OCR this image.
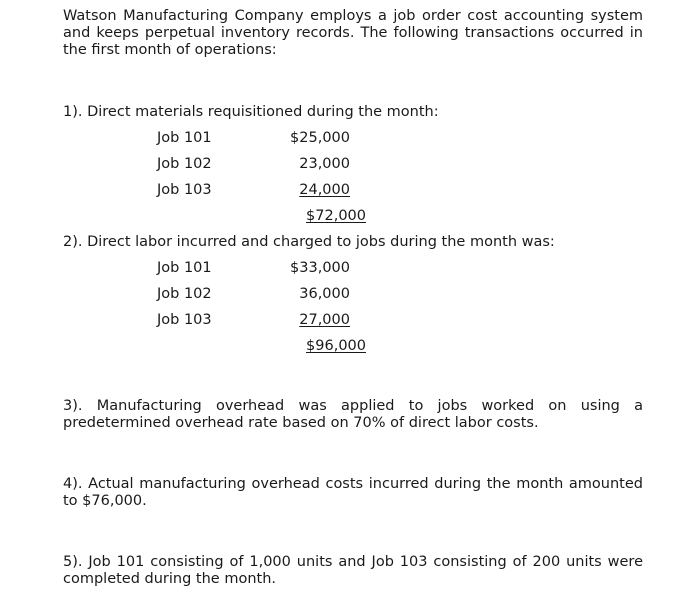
Watson Manufacturing Company employs a job order cost accounting system and keeps perpetual inventory records. The following transactions occurred in the first month of operations:

1). Direct materials requisitioned during the month:

Job 101	$25,000
Job 102	23,000
Job 103	24,000
$72,000

2). Direct labor incurred and charged to jobs during the month was:

Job 101	$33,000
Job 102	36,000
Job 103	27,000
$96,000

3). Manufacturing overhead was applied to jobs worked on using a predetermined overhead rate based on 70% of direct labor costs.

4). Actual manufacturing overhead costs incurred during the month amounted to $76,000.

5). Job 101 consisting of 1,000 units and Job 103 consisting of 200 units were completed during the month.
